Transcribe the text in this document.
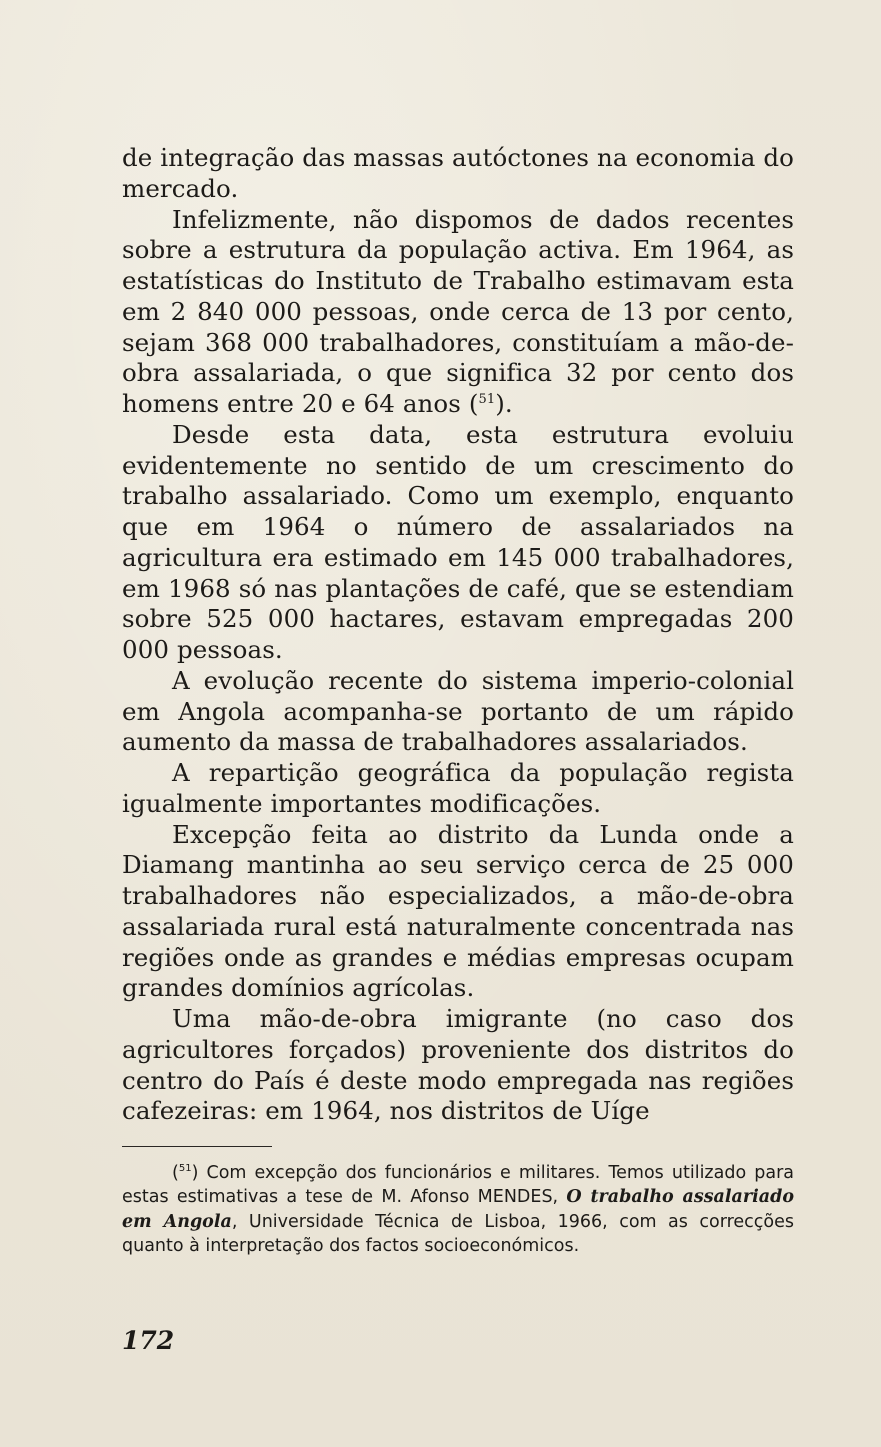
de integração das massas autóctones na economia do mercado.

Infelizmente, não dispomos de dados recentes sobre a estrutura da população activa. Em 1964, as estatísticas do Instituto de Trabalho estimavam esta em 2 840 000 pessoas, onde cerca de 13 por cento, sejam 368 000 trabalhadores, constituíam a mão-de-obra assalariada, o que significa 32 por cento dos homens entre 20 e 64 anos ($^{51}$).

Desde esta data, esta estrutura evoluiu evidentemente no sentido de um crescimento do trabalho assalariado. Como um exemplo, enquanto que em 1964 o número de assalariados na agricultura era estimado em 145 000 trabalhadores, em 1968 só nas plantações de café, que se estendiam sobre 525 000 hactares, estavam empregadas 200 000 pessoas.

A evolução recente do sistema imperio-colonial em Angola acompanha-se portanto de um rápido aumento da massa de trabalhadores assalariados.

A repartição geográfica da população regista igualmente importantes modificações.

Excepção feita ao distrito da Lunda onde a Diamang mantinha ao seu serviço cerca de 25 000 trabalhadores não especializados, a mão-de-obra assalariada rural está naturalmente concentrada nas regiões onde as grandes e médias empresas ocupam grandes domínios agrícolas.

Uma mão-de-obra imigrante (no caso dos agricultores forçados) proveniente dos distritos do centro do País é deste modo empregada nas regiões cafezeiras: em 1964, nos distritos de Uíge

($^{51}$) Com excepção dos funcionários e militares. Temos utilizado para estas estimativas a tese de M. Afonso MENDES, O trabalho assalariado em Angola, Universidade Técnica de Lisboa, 1966, com as correcções quanto à interpretação dos factos socioeconómicos.
172
